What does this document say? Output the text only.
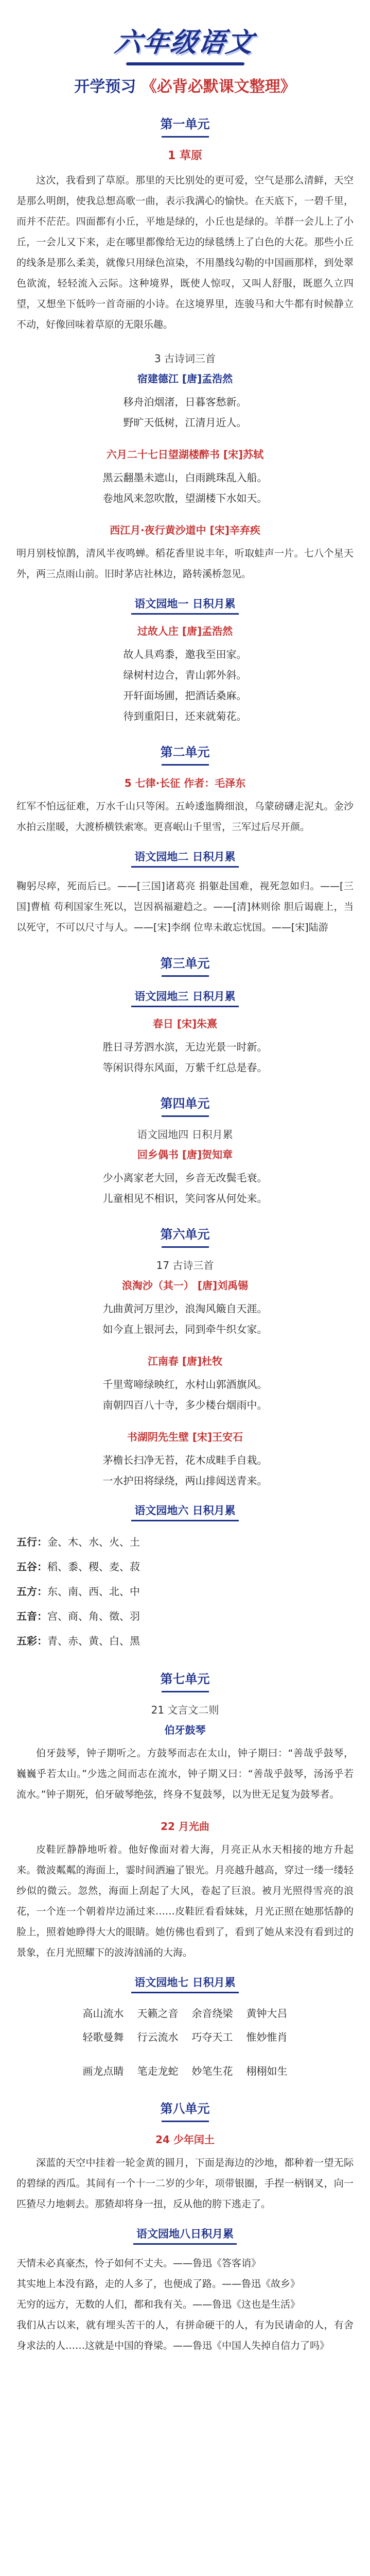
六年级语文
开学预习 《必背必默课文整理》
第一单元
1 草原

这次，我看到了草原。那里的天比别处的更可爱，空气是那么清鲜，天空是那么明朗，使我总想高歌一曲，表示我满心的愉快。在天底下，一碧千里，而并不茫茫。四面都有小丘，平地是绿的，小丘也是绿的。羊群一会儿上了小丘，一会儿又下来，走在哪里都像给无边的绿毯绣上了白色的大花。那些小丘的线条是那么柔美，就像只用绿色渲染，不用墨线勾勒的中国画那样，到处翠色欲流，轻轻流入云际。这种境界，既使人惊叹，又叫人舒服，既愿久立四望，又想坐下低吟一首奇丽的小诗。在这境界里，连骏马和大牛都有时候静立不动，好像回味着草原的无限乐趣。

3 古诗词三首
宿建德江 [唐]孟浩然

移舟泊烟渚，日暮客愁新。

野旷天低树，江清月近人。

六月二十七日望湖楼醉书 [宋]苏轼

黑云翻墨未遮山，白雨跳珠乱入船。

卷地风来忽吹散，望湖楼下水如天。

西江月·夜行黄沙道中 [宋]辛弃疾

明月别枝惊鹊，清风半夜鸣蝉。稻花香里说丰年，听取蛙声一片。七八个星天外，两三点雨山前。旧时茅店社林边，路转溪桥忽见。

语文园地一 日积月累
过故人庄 [唐]孟浩然

故人具鸡黍，邀我至田家。

绿树村边合，青山郭外斜。

开轩面场圃，把酒话桑麻。

待到重阳日，还来就菊花。

第二单元
5 七律·长征 作者：毛泽东

红军不怕远征难，万水千山只等闲。五岭逶迤腾细浪，乌蒙磅礴走泥丸。金沙水拍云崖暖，大渡桥横铁索寒。更喜岷山千里雪，三军过后尽开颜。

语文园地二 日积月累

鞠躬尽瘁，死而后已。——[三国]诸葛亮 捐躯赴国难，视死忽如归。——[三国]曹植 苟利国家生死以，岂因祸福避趋之。——[清]林则徐 胆后谒鹿上，当以死守，不可以尺寸与人。——[宋]李纲 位卑未敢忘忧国。——[宋]陆游

第三单元
语文园地三 日积月累
春日 [宋]朱熹

胜日寻芳泗水滨，无边光景一时新。

等闲识得东风面，万紫千红总是春。

第四单元
语文园地四 日积月累
回乡偶书 [唐]贺知章

少小离家老大回，乡音无改鬓毛衰。

儿童相见不相识，笑问客从何处来。

第六单元
17 古诗三首
浪淘沙（其一） [唐]刘禹锡

九曲黄河万里沙，浪淘风簸自天涯。

如今直上银河去，同到牵牛织女家。

江南春 [唐]杜牧

千里莺啼绿映红，水村山郭酒旗风。

南朝四百八十寺，多少楼台烟雨中。

书湖阴先生壁 [宋]王安石

茅檐长扫净无苔，花木成畦手自栽。

一水护田将绿绕，两山排闼送青来。

语文园地六 日积月累
五行：金、木、水、火、土
五谷：稻、黍、稷、麦、菽
五方：东、南、西、北、中
五音：宫、商、角、徵、羽
五彩：青、赤、黄、白、黑
第七单元
21 文言文二则
伯牙鼓琴

伯牙鼓琴，钟子期听之。方鼓琴而志在太山，钟子期曰：“善哉乎鼓琴，巍巍乎若太山。”少选之间而志在流水，钟子期又曰：“善哉乎鼓琴，汤汤乎若流水。”钟子期死，伯牙破琴绝弦，终身不复鼓琴，以为世无足复为鼓琴者。

22 月光曲

皮鞋匠静静地听着。他好像面对着大海，月亮正从水天相接的地方升起来。微波粼粼的海面上，霎时间洒遍了银光。月亮越升越高，穿过一缕一缕轻纱似的微云。忽然，海面上刮起了大风，卷起了巨浪。被月光照得雪亮的浪花，一个连一个朝着岸边涌过来……皮鞋匠看看妹妹，月光正照在她那恬静的脸上，照着她睁得大大的眼睛。她仿佛也看到了，看到了她从来没有看到过的景象，在月光照耀下的波涛汹涌的大海。

语文园地七 日积月累
高山流水 天籁之音 余音绕梁 黄钟大吕
轻歌曼舞 行云流水 巧夺天工 惟妙惟肖
画龙点睛 笔走龙蛇 妙笔生花 栩栩如生
第八单元
24 少年闰土

深蓝的天空中挂着一轮金黄的圆月，下面是海边的沙地，都种着一望无际的碧绿的西瓜。其间有一个十一二岁的少年，项带银圈，手捏一柄钢叉，向一匹猹尽力地刺去。那猹却将身一扭，反从他的胯下逃走了。

语文园地八日积月累

天情未必真豪杰，怜子如何不丈夫。——鲁迅《答客诮》

其实地上本没有路，走的人多了，也便成了路。——鲁迅《故乡》

无穷的远方，无数的人们，都和我有关。——鲁迅《这也是生活》

我们从古以来，就有埋头苦干的人，有拼命硬干的人，有为民请命的人，有舍身求法的人……这就是中国的脊梁。——鲁迅《中国人失掉自信力了吗》
